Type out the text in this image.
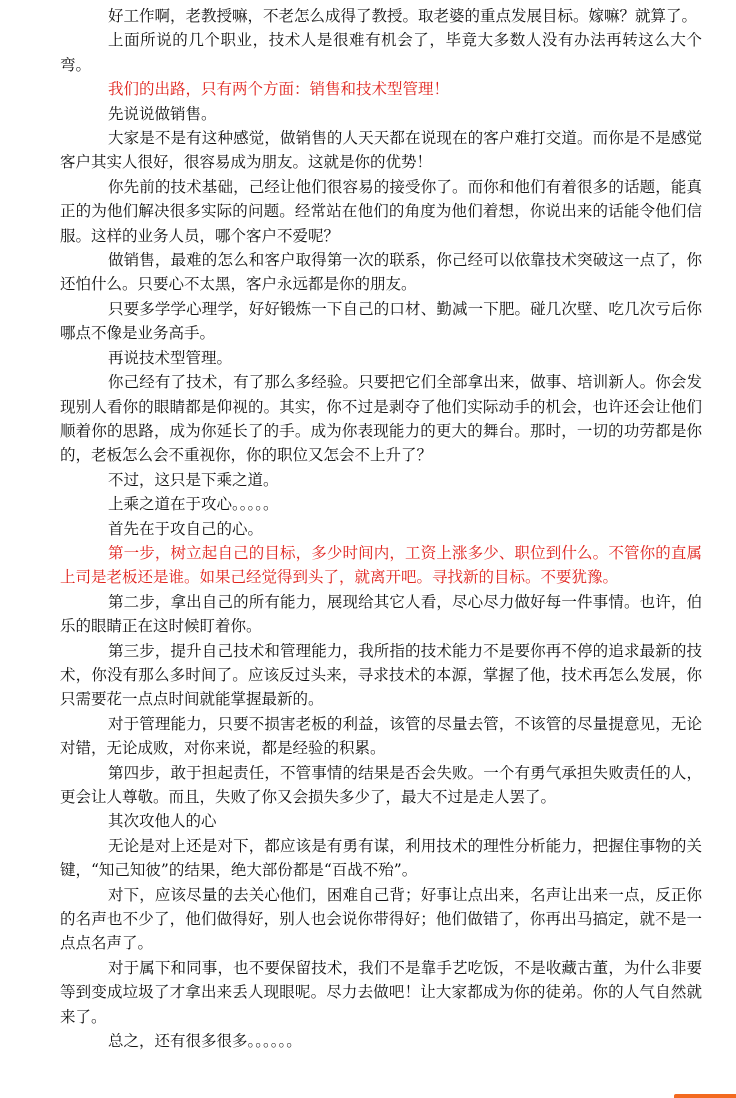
好工作啊，老教授嘛，不老怎么成得了教授。取老婆的重点发展目标。嫁嘛？就算了。

上面所说的几个职业，技术人是很难有机会了，毕竟大多数人没有办法再转这么大个弯。

我们的出路，只有两个方面：销售和技术型管理！

先说说做销售。

大家是不是有这种感觉，做销售的人天天都在说现在的客户难打交道。而你是不是感觉客户其实人很好，很容易成为朋友。这就是你的优势！

你先前的技术基础，己经让他们很容易的接受你了。而你和他们有着很多的话题，能真正的为他们解决很多实际的问题。经常站在他们的角度为他们着想，你说出来的话能令他们信服。这样的业务人员，哪个客户不爱呢？

做销售，最难的怎么和客户取得第一次的联系，你己经可以依靠技术突破这一点了，你还怕什么。只要心不太黑，客户永远都是你的朋友。

只要多学学心理学，好好锻炼一下自己的口材、勤减一下肥。碰几次壁、吃几次亏后你哪点不像是业务高手。

再说技术型管理。

你己经有了技术，有了那么多经验。只要把它们全部拿出来，做事、培训新人。你会发现别人看你的眼睛都是仰视的。其实，你不过是剥夺了他们实际动手的机会，也许还会让他们顺着你的思路，成为你延长了的手。成为你表现能力的更大的舞台。那时，一切的功劳都是你的，老板怎么会不重视你，你的职位又怎会不上升了？

不过，这只是下乘之道。

上乘之道在于攻心。。。。。

首先在于攻自己的心。

第一步，树立起自己的目标，多少时间内，工资上涨多少、职位到什么。不管你的直属上司是老板还是谁。如果己经觉得到头了，就离开吧。寻找新的目标。不要犹豫。

第二步，拿出自己的所有能力，展现给其它人看，尽心尽力做好每一件事情。也许，伯乐的眼睛正在这时候盯着你。

第三步，提升自己技术和管理能力，我所指的技术能力不是要你再不停的追求最新的技术，你没有那么多时间了。应该反过头来，寻求技术的本源，掌握了他，技术再怎么发展，你只需要花一点点时间就能掌握最新的。

对于管理能力，只要不损害老板的利益，该管的尽量去管，不该管的尽量提意见，无论对错，无论成败，对你来说，都是经验的积累。

第四步，敢于担起责任，不管事情的结果是否会失败。一个有勇气承担失败责任的人，更会让人尊敬。而且，失败了你又会损失多少了，最大不过是走人罢了。

其次攻他人的心

无论是对上还是对下，都应该是有勇有谋，利用技术的理性分析能力，把握住事物的关键，“知己知彼”的结果，绝大部份都是“百战不殆”。

对下，应该尽量的去关心他们，困难自己背；好事让点出来，名声让出来一点，反正你的名声也不少了，他们做得好，别人也会说你带得好；他们做错了，你再出马搞定，就不是一点点名声了。

对于属下和同事，也不要保留技术，我们不是靠手艺吃饭，不是收藏古董，为什么非要等到变成垃圾了才拿出来丢人现眼呢。尽力去做吧！让大家都成为你的徒弟。你的人气自然就来了。

总之，还有很多很多。。。。。。
